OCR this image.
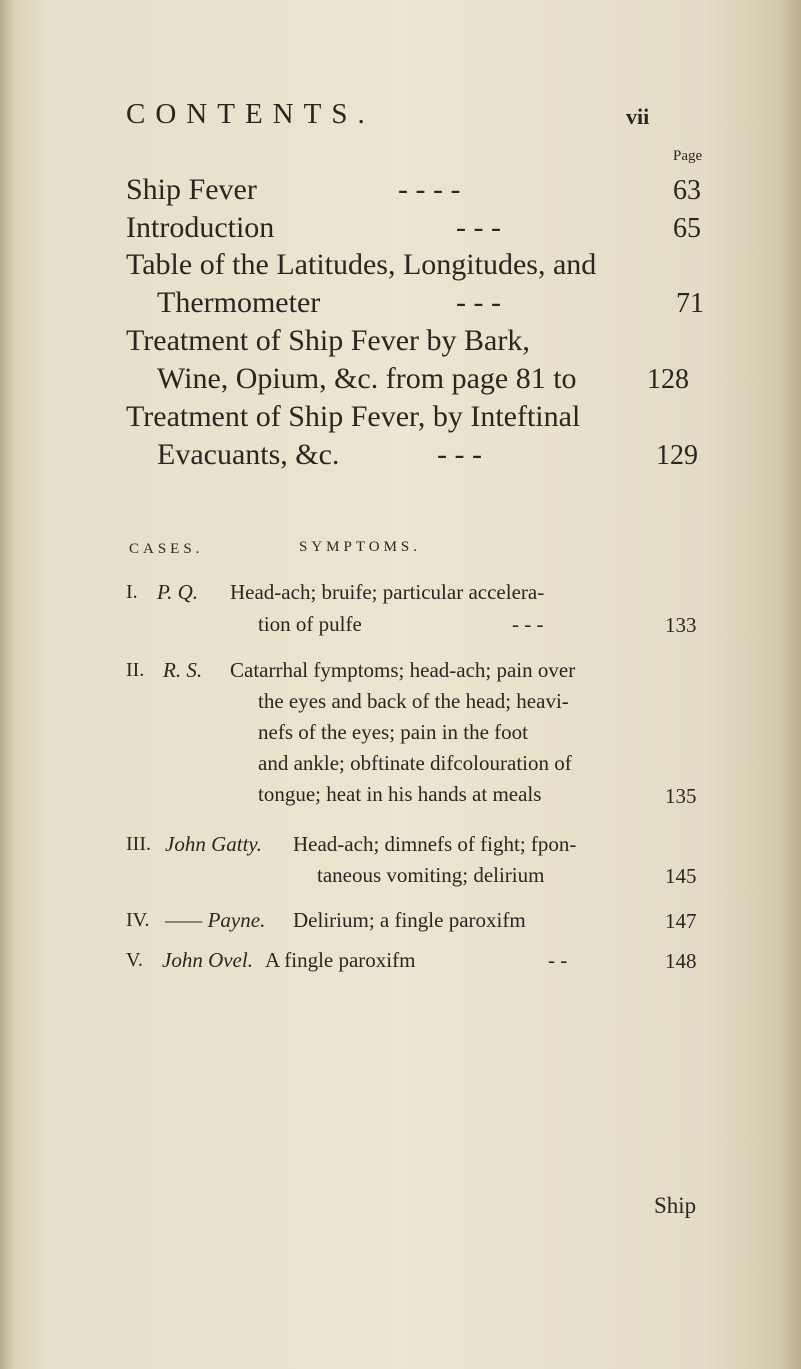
CONTENTS.	vii
Page
Ship Fever	- - - -	63
Introduction	- - -	65
Table of the Latitudes, Longitudes, and
Thermometer	- - -	71
Treatment of Ship Fever by Bark,
Wine, Opium, &c. from page 81 to	128
Treatment of Ship Fever, by Inteftinal
Evacuants, &c.	- - -	129
CASES.	SYMPTOMS.
I. P. Q. Head-ach; bruife; particular accelera-
tion of pulfe	- - -	133
II. R. S. Catarrhal fymptoms; head-ach; pain over
the eyes and back of the head; heavi-
nefs of the eyes; pain in the foot
and ankle; obftinate difcolouration of
tongue; heat in his hands at meals	135
III. John Gatty. Head-ach; dimnefs of fight; fpon-
taneous vomiting; delirium	145
IV. —— Payne. Delirium; a fingle paroxifm	147
V. John Ovel. A fingle paroxifm	- -	148
Ship
